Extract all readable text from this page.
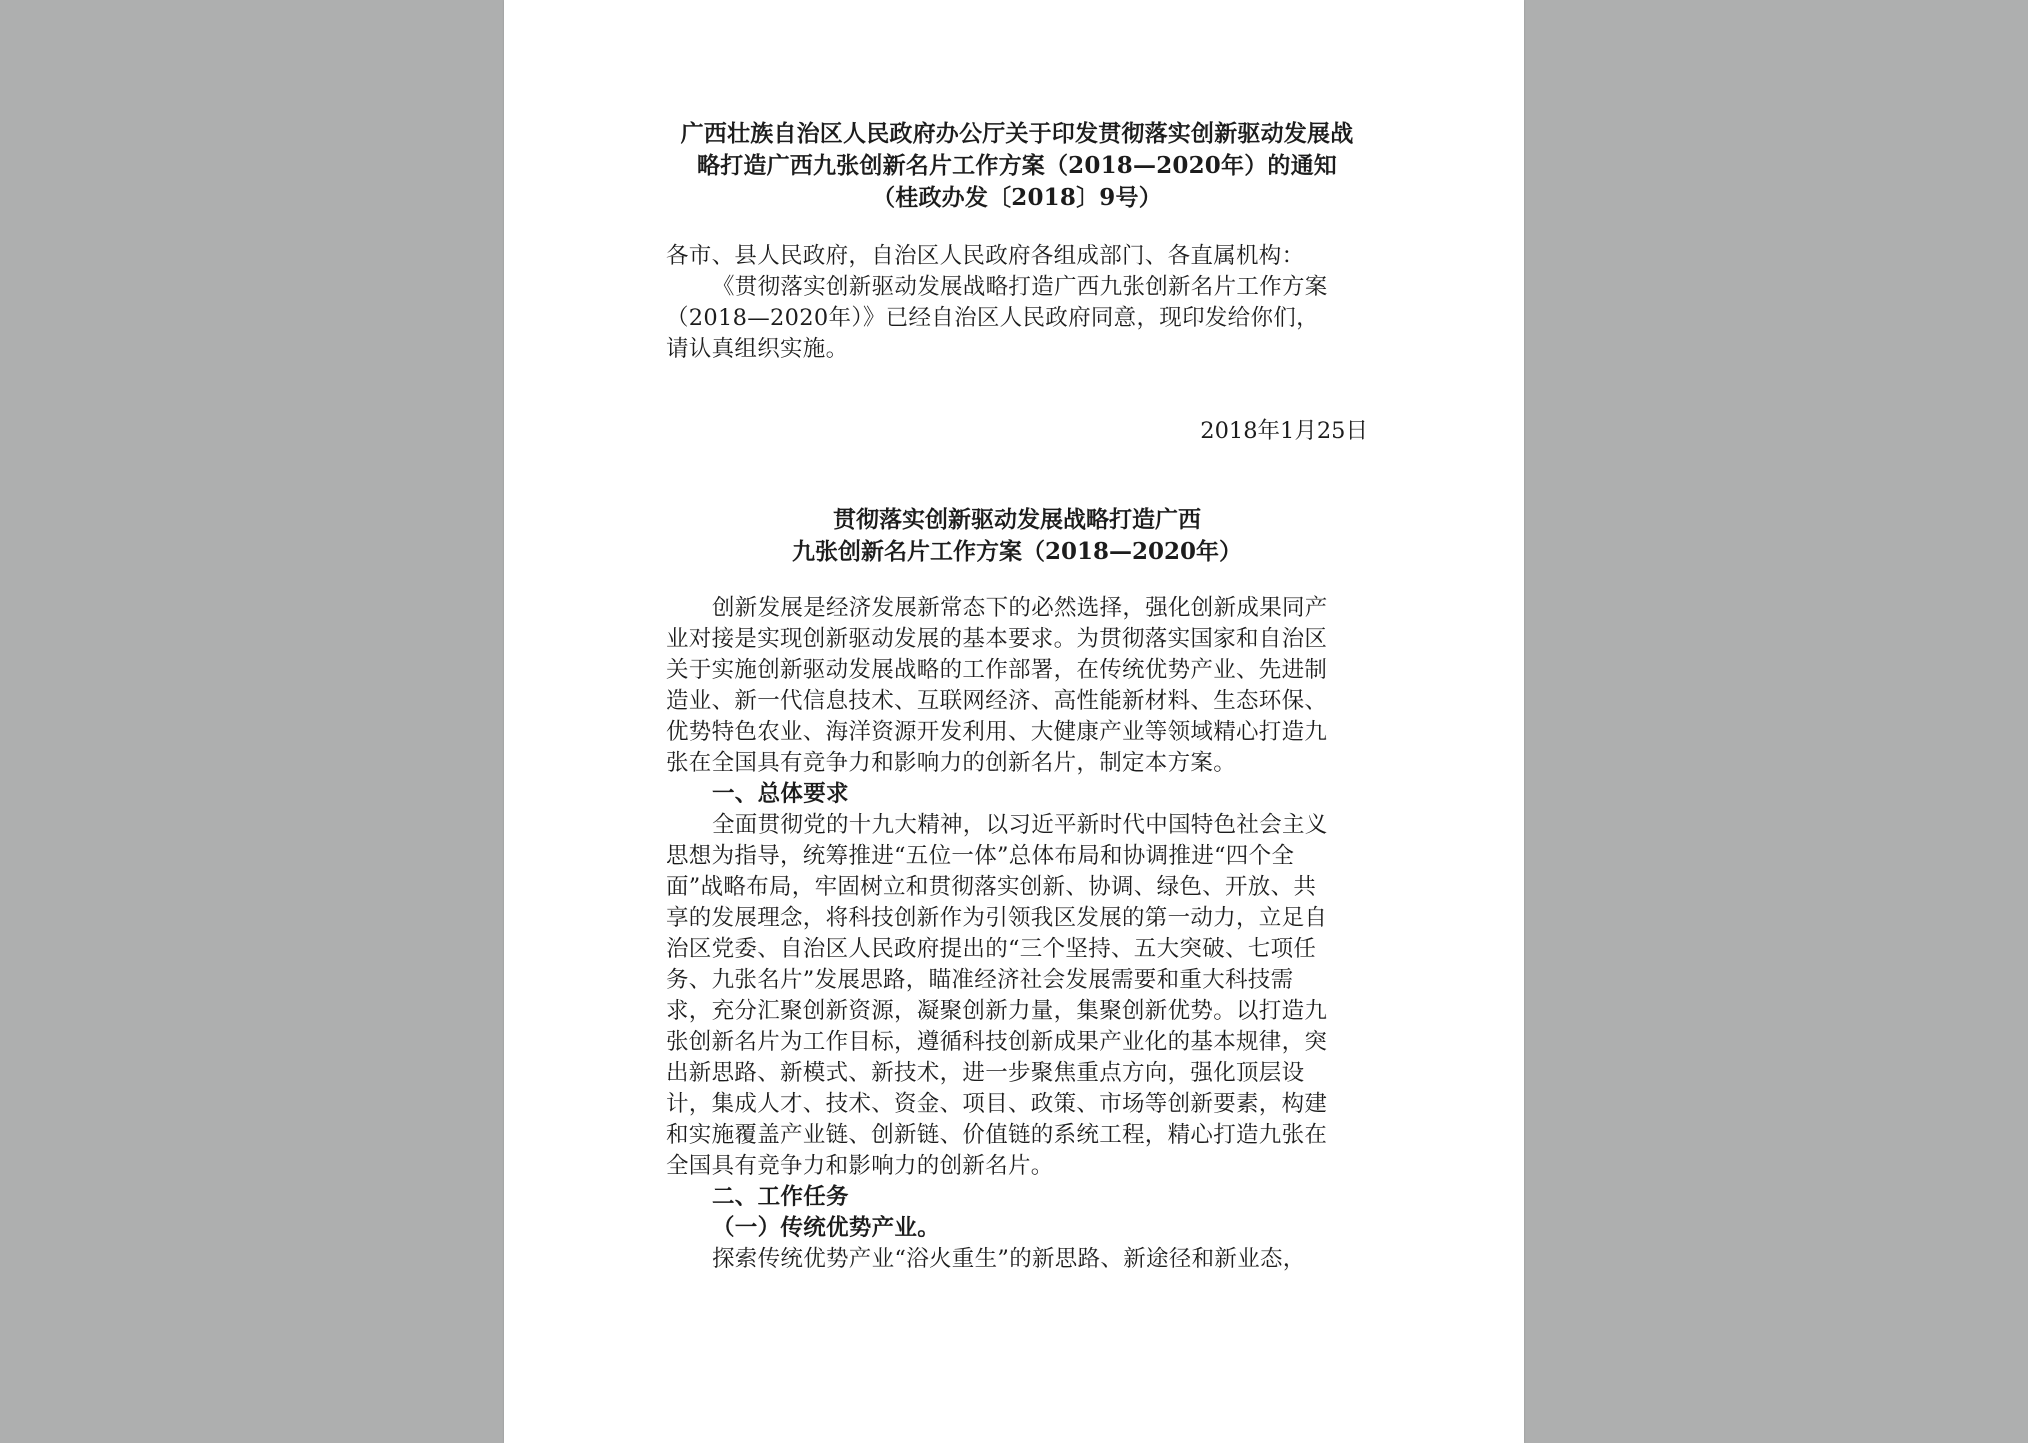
广西壮族自治区人民政府办公厅关于印发贯彻落实创新驱动发展战
略打造广西九张创新名片工作方案（2018—2020年）的通知
（桂政办发〔2018〕9号）
各市、县人民政府，自治区人民政府各组成部门、各直属机构：
《贯彻落实创新驱动发展战略打造广西九张创新名片工作方案
（2018—2020年）》已经自治区人民政府同意，现印发给你们，
请认真组织实施。
2018年1月25日
贯彻落实创新驱动发展战略打造广西
九张创新名片工作方案（2018—2020年）
创新发展是经济发展新常态下的必然选择，强化创新成果同产
业对接是实现创新驱动发展的基本要求。为贯彻落实国家和自治区
关于实施创新驱动发展战略的工作部署，在传统优势产业、先进制
造业、新一代信息技术、互联网经济、高性能新材料、生态环保、
优势特色农业、海洋资源开发利用、大健康产业等领域精心打造九
张在全国具有竞争力和影响力的创新名片，制定本方案。
一、总体要求
全面贯彻党的十九大精神，以习近平新时代中国特色社会主义
思想为指导，统筹推进“五位一体”总体布局和协调推进“四个全
面”战略布局，牢固树立和贯彻落实创新、协调、绿色、开放、共
享的发展理念，将科技创新作为引领我区发展的第一动力，立足自
治区党委、自治区人民政府提出的“三个坚持、五大突破、七项任
务、九张名片”发展思路，瞄准经济社会发展需要和重大科技需
求，充分汇聚创新资源，凝聚创新力量，集聚创新优势。以打造九
张创新名片为工作目标，遵循科技创新成果产业化的基本规律，突
出新思路、新模式、新技术，进一步聚焦重点方向，强化顶层设
计，集成人才、技术、资金、项目、政策、市场等创新要素，构建
和实施覆盖产业链、创新链、价值链的系统工程，精心打造九张在
全国具有竞争力和影响力的创新名片。
二、工作任务
（一）传统优势产业。
探索传统优势产业“浴火重生”的新思路、新途径和新业态，
